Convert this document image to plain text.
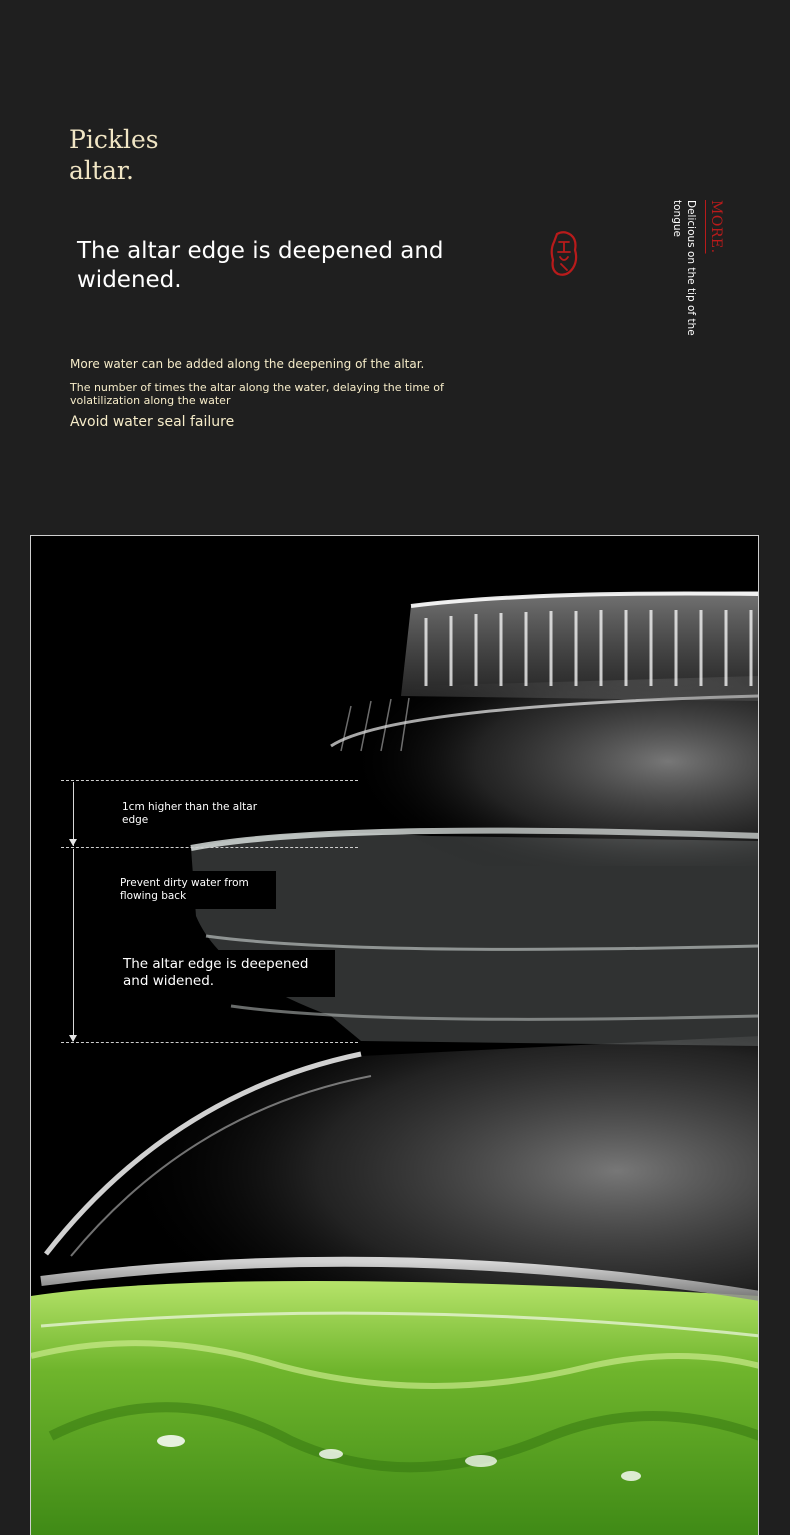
Pickles
altar.
The altar edge is deepened and widened.

More water can be added along the deepening of the altar.

The number of times the altar along the water, delaying the time of volatilization along the water

Avoid water seal failure

MORE.
Delicious on the tip of the tongue
1cm higher than the altar edge
Prevent dirty water from flowing back
The altar edge is deepened and widened.
